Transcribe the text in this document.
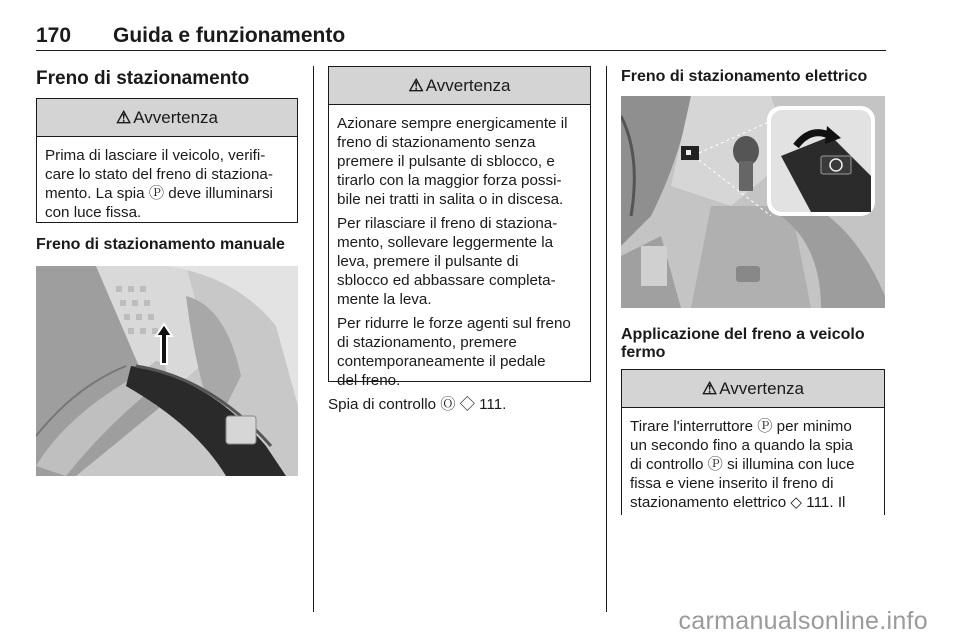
170 Guida e funzionamento
Freno di stazionamento
⚠ Avvertenza
Prima di lasciare il veicolo, verifi-
care lo stato del freno di staziona-
mento. La spia Ⓟ deve illuminarsi
con luce fissa.
Freno di stazionamento manuale
⚠ Avvertenza

Azionare sempre energicamente il
freno di stazionamento senza
premere il pulsante di sblocco, e
tirarlo con la maggior forza possi-
bile nei tratti in salita o in discesa.

Per rilasciare il freno di staziona-
mento, sollevare leggermente la
leva, premere il pulsante di
sblocco ed abbassare completa-
mente la leva.

Per ridurre le forze agenti sul freno
di stazionamento, premere
contemporaneamente il pedale
del freno.

Spia di controllo Ⓞ ◇ 111.
Freno di stazionamento elettrico
Applicazione del freno a veicolo
fermo
⚠ Avvertenza
Tirare l'interruttore Ⓟ per minimo
un secondo fino a quando la spia
di controllo Ⓟ si illumina con luce
fissa e viene inserito il freno di
stazionamento elettrico ◇ 111. Il
carmanualsonline.info
